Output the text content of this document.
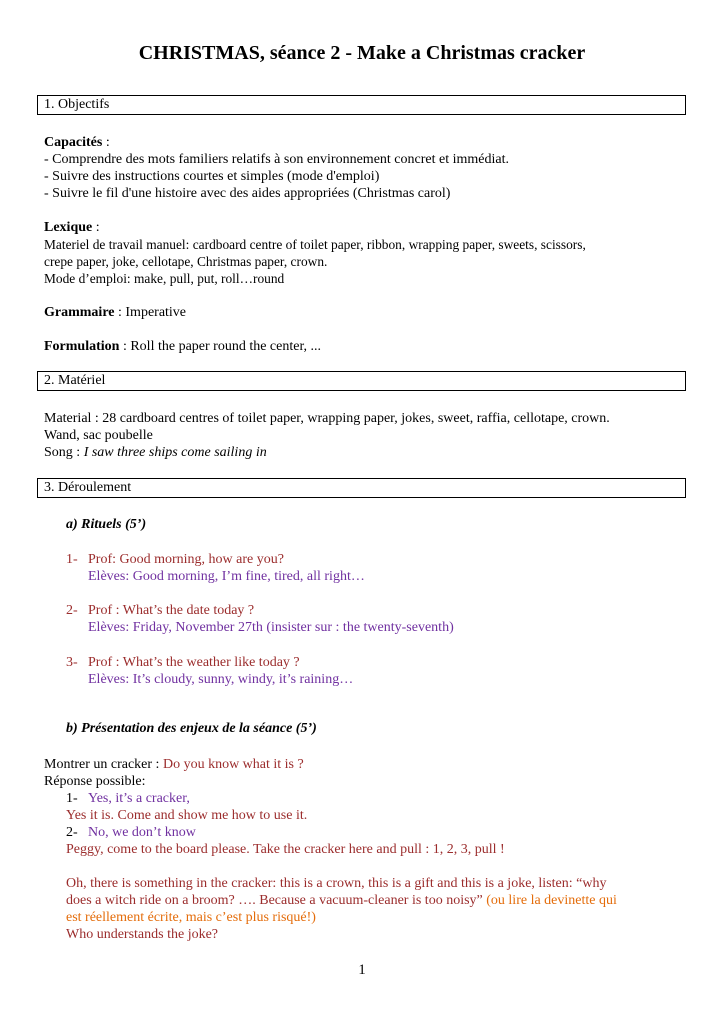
CHRISTMAS, séance 2 - Make a Christmas cracker
1. Objectifs
Capacités :
- Comprendre des mots familiers relatifs à son environnement concret et immédiat.
- Suivre des instructions courtes et simples (mode d'emploi)
- Suivre le fil d'une histoire avec des aides appropriées (Christmas carol)
Lexique :
Materiel de travail manuel: cardboard centre of toilet paper, ribbon, wrapping paper, sweets, scissors,
crepe paper, joke, cellotape, Christmas paper, crown.
Mode d’emploi: make, pull, put, roll…round
Grammaire : Imperative
Formulation : Roll the paper round the center, ...
2. Matériel
Material : 28 cardboard centres of toilet paper, wrapping paper, jokes, sweet, raffia, cellotape, crown.
Wand, sac poubelle
Song : I saw three ships come sailing in
3. Déroulement
a) Rituels (5’)
1- Prof: Good morning, how are you?
Elèves: Good morning, I’m fine, tired, all right…
2- Prof : What’s the date today ?
Elèves: Friday, November 27th (insister sur : the twenty-seventh)
3- Prof : What’s the weather like today ?
Elèves: It’s cloudy, sunny, windy, it’s raining…
b) Présentation des enjeux de la séance (5’)
Montrer un cracker : Do you know what it is ?
Réponse possible:
1- Yes, it’s a cracker,
Yes it is. Come and show me how to use it.
2- No, we don’t know
Peggy, come to the board please. Take the cracker here and pull : 1, 2, 3, pull !
Oh, there is something in the cracker: this is a crown, this is a gift and this is a joke, listen: “why
does a witch ride on a broom? …. Because a vacuum-cleaner is too noisy” (ou lire la devinette qui
est réellement écrite, mais c’est plus risqué!)
Who understands the joke?
1
